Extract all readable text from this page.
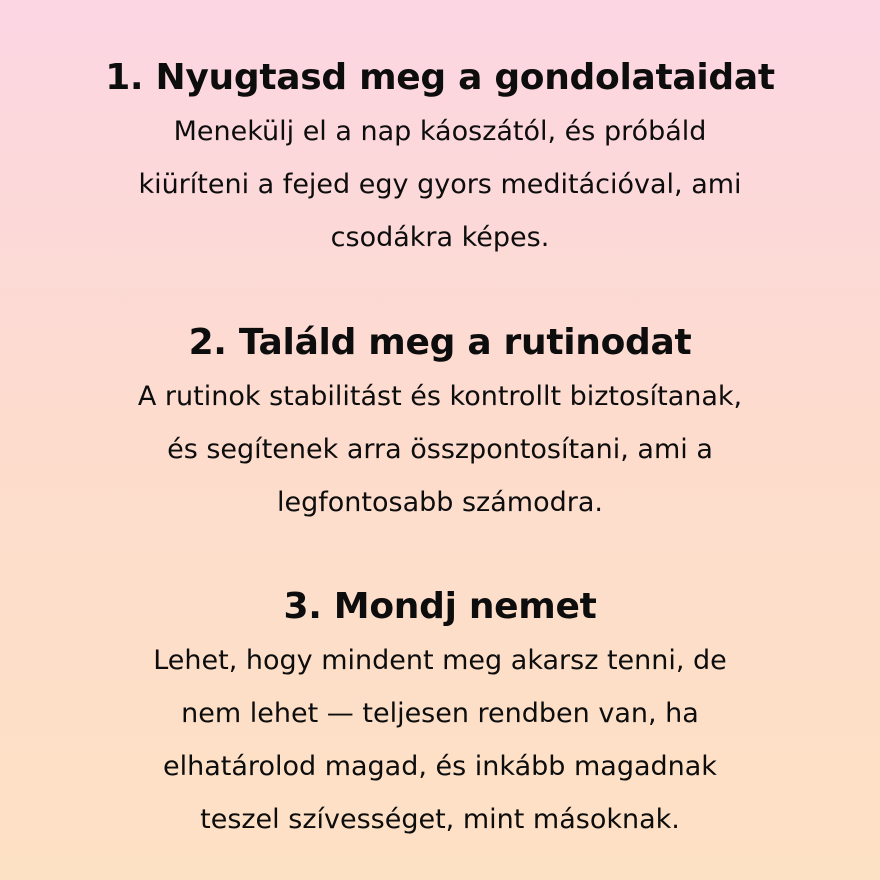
1. Nyugtasd meg a gondolataidat

Menekülj el a nap káoszától, és próbáld
kiüríteni a fejed egy gyors meditációval, ami
csodákra képes.

2. Találd meg a rutinodat

A rutinok stabilitást és kontrollt biztosítanak,
és segítenek arra összpontosítani, ami a
legfontosabb számodra.

3. Mondj nemet

Lehet, hogy mindent meg akarsz tenni, de
nem lehet — teljesen rendben van, ha
elhatárolod magad, és inkább magadnak
teszel szívességet, mint másoknak.
